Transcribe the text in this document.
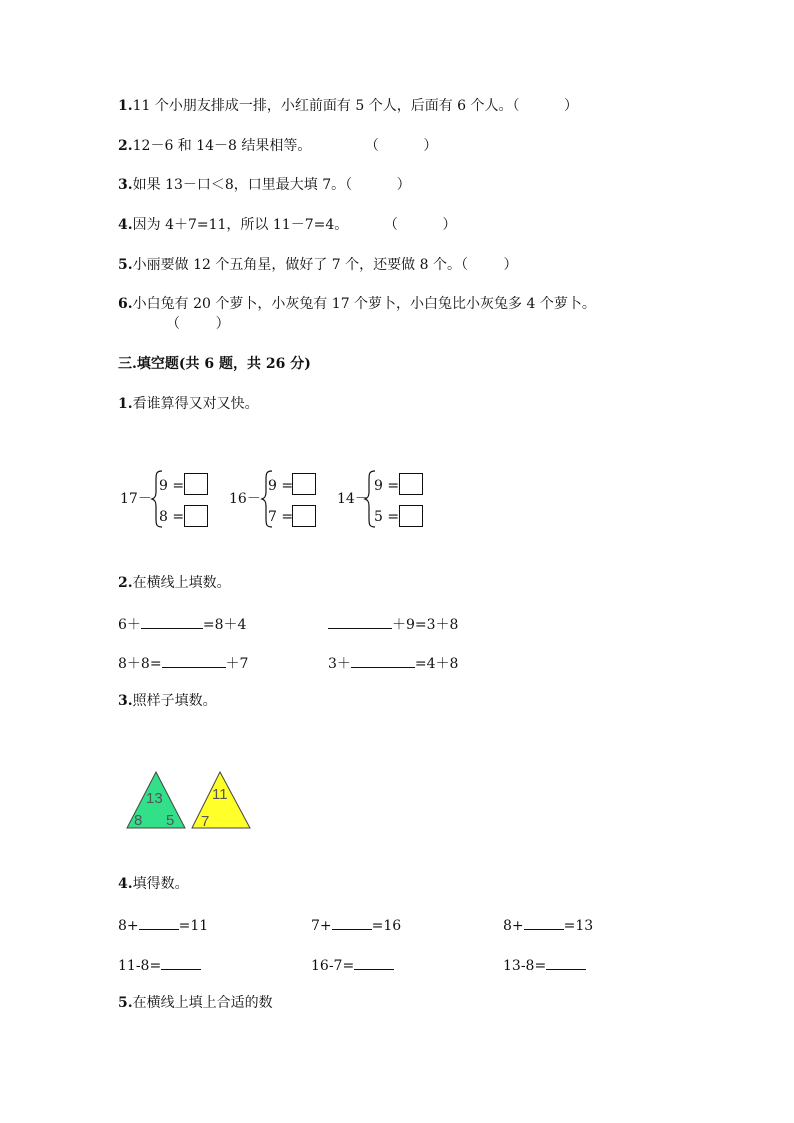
1.11 个小朋友排成一排，小红前面有 5 个人，后面有 6 个人。（          ）
2.12－6 和 14－8 结果相等。            （          ）
3.如果 13－口＜8，口里最大填 7。（          ）
4.因为 4＋7=11，所以 11－7=4。        （          ）
5.小丽要做 12 个五角星，做好了 7 个，还要做 8 个。（        ）
6.小白兔有 20 个萝卜，小灰兔有 17 个萝卜，小白兔比小灰兔多 4 个萝卜。
（        ）
三.填空题(共 6 题，共 26 分)
1.看谁算得又对又快。
17－
9 =
8 =
16－
9 =
7 =
14－
9 =
5 =
2.在横线上填数。
6＋	=8＋4	＋9=3＋8
8＋8=	＋7	3＋	=4＋8
3.照样子填数。
13
8 5
11
7
4.填得数。
8+	=11	7+	=16	8+	=13
11-8=	16-7=	13-8=
5.在横线上填上合适的数
